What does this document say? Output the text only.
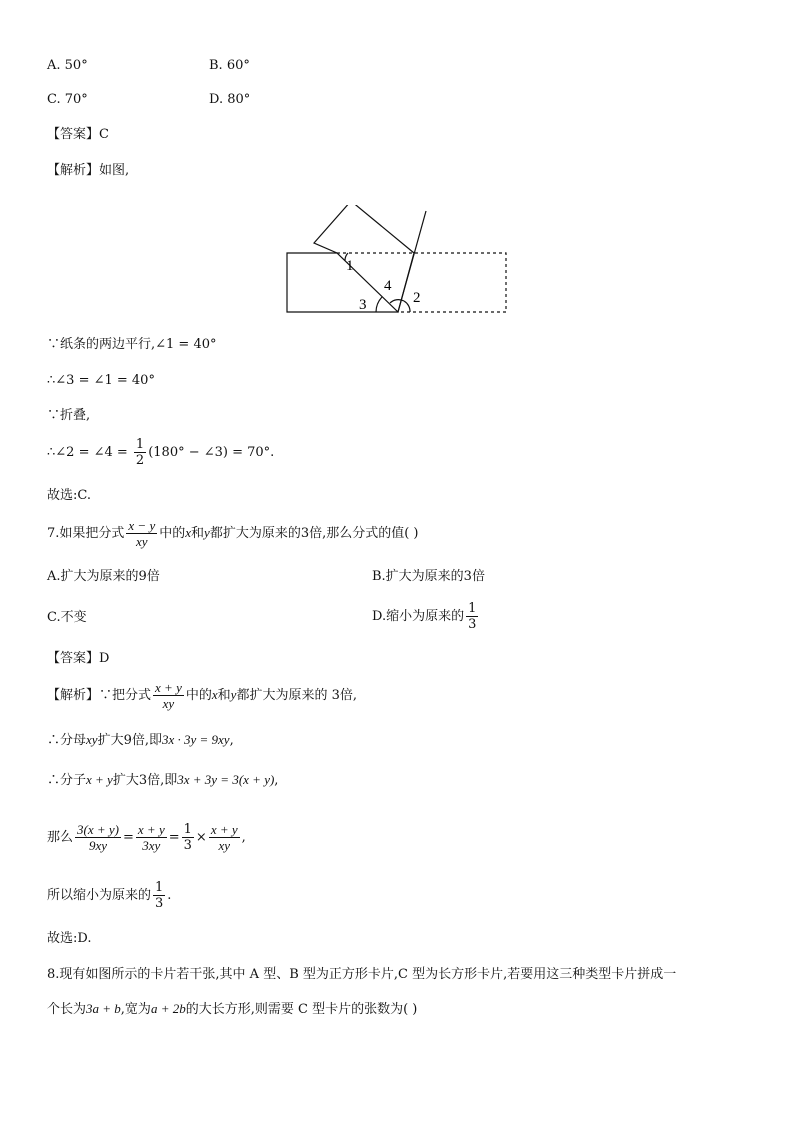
A. 50°	B. 60°
C. 70°	D. 80°
【答案】C
【解析】如图,
1
2
3
4
∵纸条的两边平行,∠1 = 40°
∴∠3 = ∠1 = 40°
∵折叠,
∴∠2 = ∠4 = $\frac{1}{2} (180^\circ$ − ∠3) = 70°.
故选:C.
7.如果把分式 $\frac{x - y}{xy}$ 中的x和y都扩大为原来的3倍,那么分式的值( )
A.扩大为原来的9倍	B.扩大为原来的3倍
C.不变	D.缩小为原来的 $\frac{1}{3}$
【答案】D
【解析】∵把分式 $\frac{x + y}{xy}$ 中的x和y都扩大为原来的 3倍,
∴分母xy扩大9倍,即3x · 3y = 9xy,
∴分子x + y扩大3倍,即3x + 3y = 3(x + y),
那么 $\frac{3(x + y)}{9xy} = \frac{x + y}{3xy} = \frac{1}{3} \times \frac{x + y}{xy}$ ,
所以缩小为原来的 $\frac{1}{3}$ .
故选:D.
8.现有如图所示的卡片若干张,其中 A 型、B 型为正方形卡片,C 型为长方形卡片,若要用这三种类型卡片拼成一
个长为3a + b,宽为a + 2b的大长方形,则需要 C 型卡片的张数为( )
